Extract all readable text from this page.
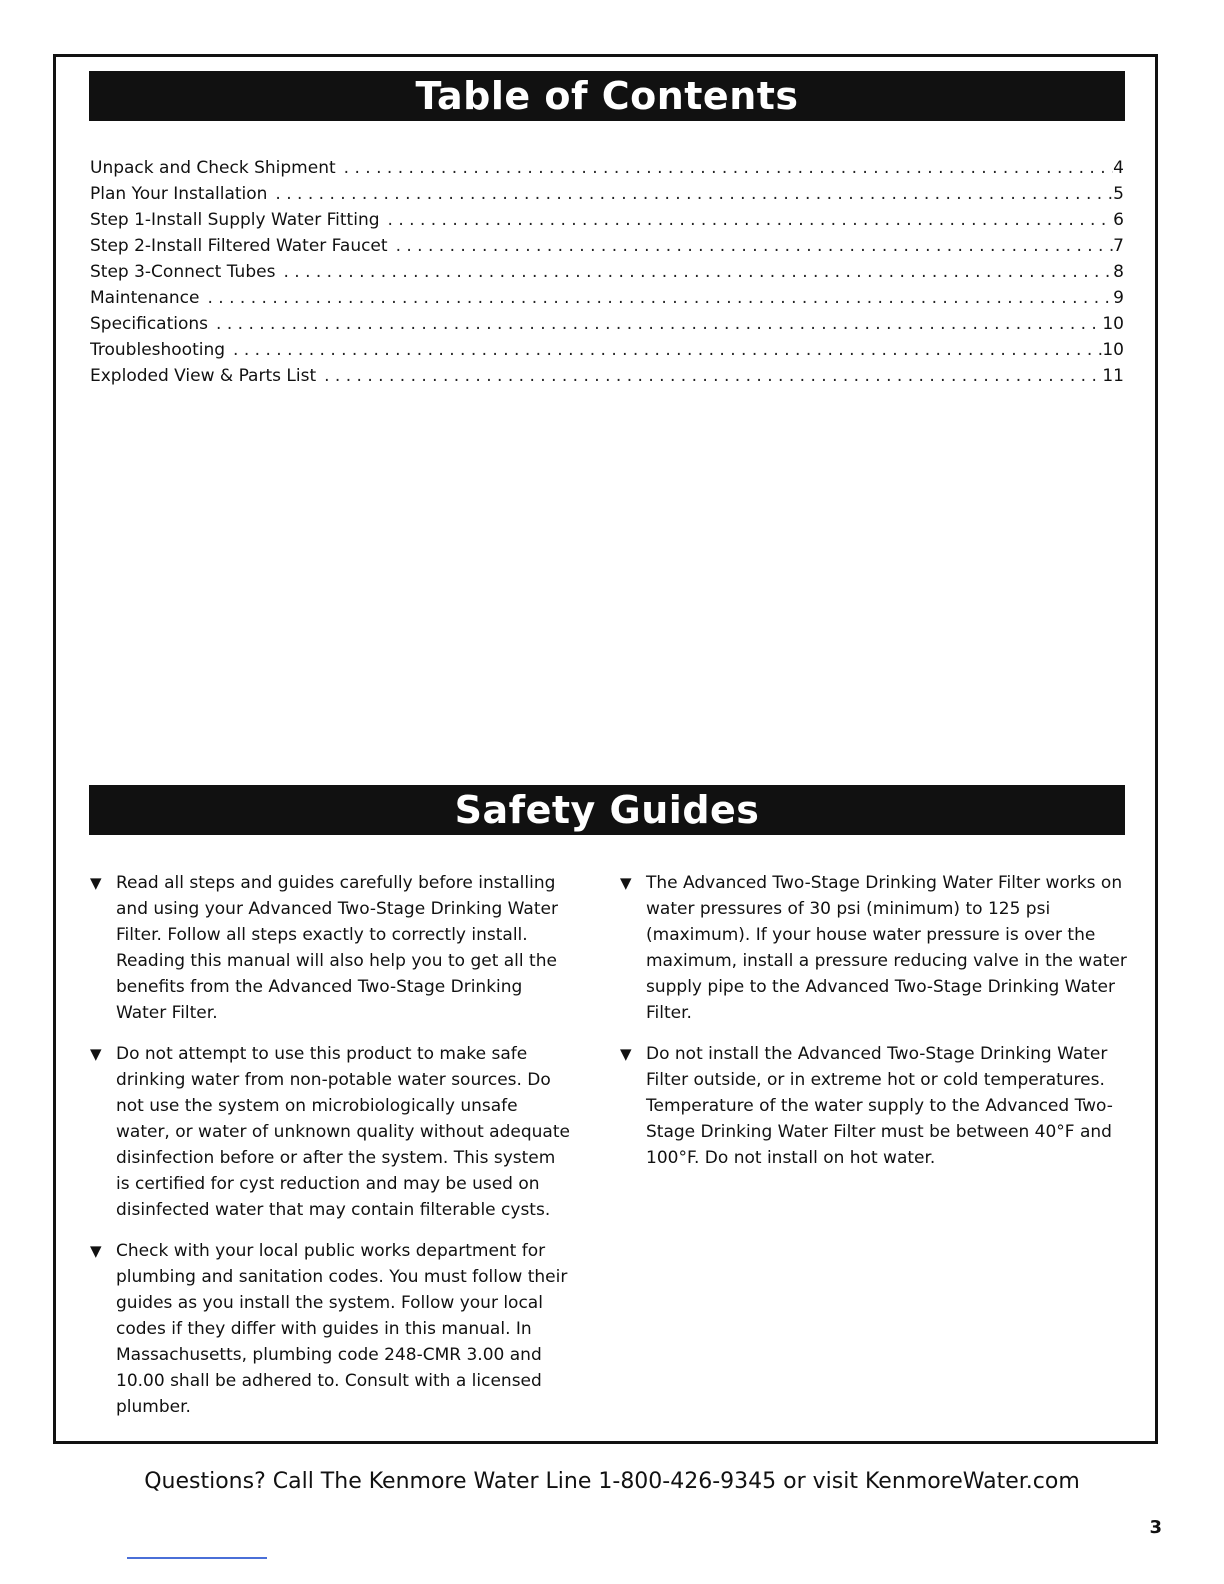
Table of Contents
Unpack and Check Shipment . . .	4
Plan Your Installation . . .	5
Step 1-Install Supply Water Fitting . . .	6
Step 2-Install Filtered Water Faucet . . .	7
Step 3-Connect Tubes . . .	8
Maintenance . . .	9
Specifications . . .	10
Troubleshooting . . .	10
Exploded View & Parts List . . .	11
Safety Guides
▼ Read all steps and guides carefully before installing and using your Advanced Two-Stage Drinking Water Filter. Follow all steps exactly to correctly install. Reading this manual will also help you to get all the benefits from the Advanced Two-Stage Drinking Water Filter.
▼ Do not attempt to use this product to make safe drinking water from non-potable water sources. Do not use the system on microbiologically unsafe water, or water of unknown quality without adequate disinfection before or after the system. This system is certified for cyst reduction and may be used on disinfected water that may contain filterable cysts.
▼ Check with your local public works department for plumbing and sanitation codes. You must follow their guides as you install the system. Follow your local codes if they differ with guides in this manual. In Massachusetts, plumbing code 248-CMR 3.00 and 10.00 shall be adhered to. Consult with a licensed plumber.
▼ The Advanced Two-Stage Drinking Water Filter works on water pressures of 30 psi (minimum) to 125 psi (maximum). If your house water pressure is over the maximum, install a pressure reducing valve in the water supply pipe to the Advanced Two-Stage Drinking Water Filter.
▼ Do not install the Advanced Two-Stage Drinking Water Filter outside, or in extreme hot or cold temperatures. Temperature of the water supply to the Advanced Two-Stage Drinking Water Filter must be between 40°F and 100°F. Do not install on hot water.
Questions? Call The Kenmore Water Line 1-800-426-9345 or visit KenmoreWater.com
3
